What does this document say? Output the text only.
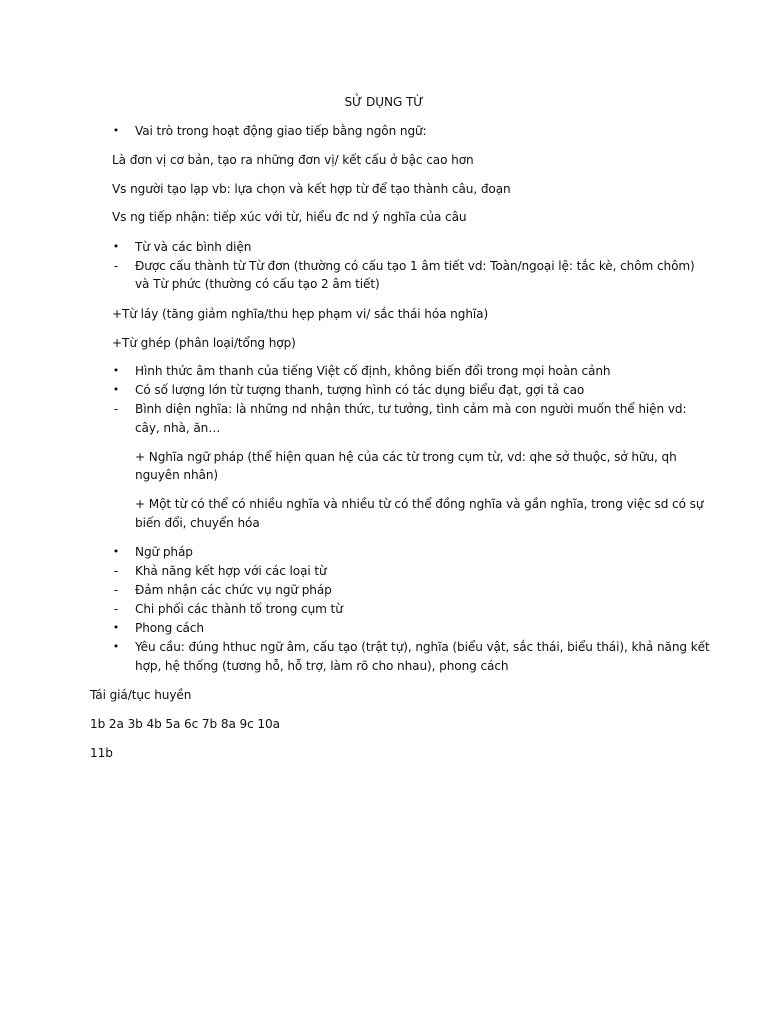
SỬ DỤNG TỪ
• Vai trò trong hoạt động giao tiếp bằng ngôn ngữ:
Là đơn vị cơ bản, tạo ra những đơn vị/ kết cấu ở bậc cao hơn
Vs người tạo lạp vb: lựa chọn và kết hợp từ để tạo thành câu, đoạn
Vs ng tiếp nhận: tiếp xúc với từ, hiểu đc nd ý nghĩa của câu
• Từ và các bình diện
-	Được cấu thành từ Từ đơn (thường có cấu tạo 1 âm tiết vd: Toàn/ngoại lệ: tắc kè, chôm chôm)
và Từ phức (thường có cấu tạo 2 âm tiết)
+Từ láy (tăng giảm nghĩa/thu hẹp phạm vi/ sắc thái hóa nghĩa)
+Từ ghép (phân loại/tổng hợp)
• Hình thức âm thanh của tiếng Việt cố định, không biến đổi trong mọi hoàn cảnh
• Có số lượng lớn từ tượng thanh, tượng hình có tác dụng biểu đạt, gợi tả cao
-	Bình diện nghĩa: là những nd nhận thức, tư tưởng, tình cảm mà con người muốn thể hiện vd:
cây, nhà, ăn…
+ Nghĩa ngữ pháp (thể hiện quan hệ của các từ trong cụm từ, vd: qhe sở thuộc, sở hữu, qh
nguyên nhân)
+ Một từ có thể có nhiều nghĩa và nhiều từ có thể đồng nghĩa và gần nghĩa, trong việc sd có sự
biến đổi, chuyển hóa
• Ngữ pháp
-	Khả năng kết hợp với các loại từ
-	Đảm nhận các chức vụ ngữ pháp
-	Chi phối các thành tố trong cụm từ
• Phong cách
• Yêu cầu: đúng hthuc ngữ âm, cấu tạo (trật tự), nghĩa (biểu vật, sắc thái, biểu thái), khả năng kết
hợp, hệ thống (tương hỗ, hỗ trợ, làm rõ cho nhau), phong cách
Tái giá/tục huyền
1b 2a 3b 4b 5a 6c 7b 8a 9c 10a
11b
